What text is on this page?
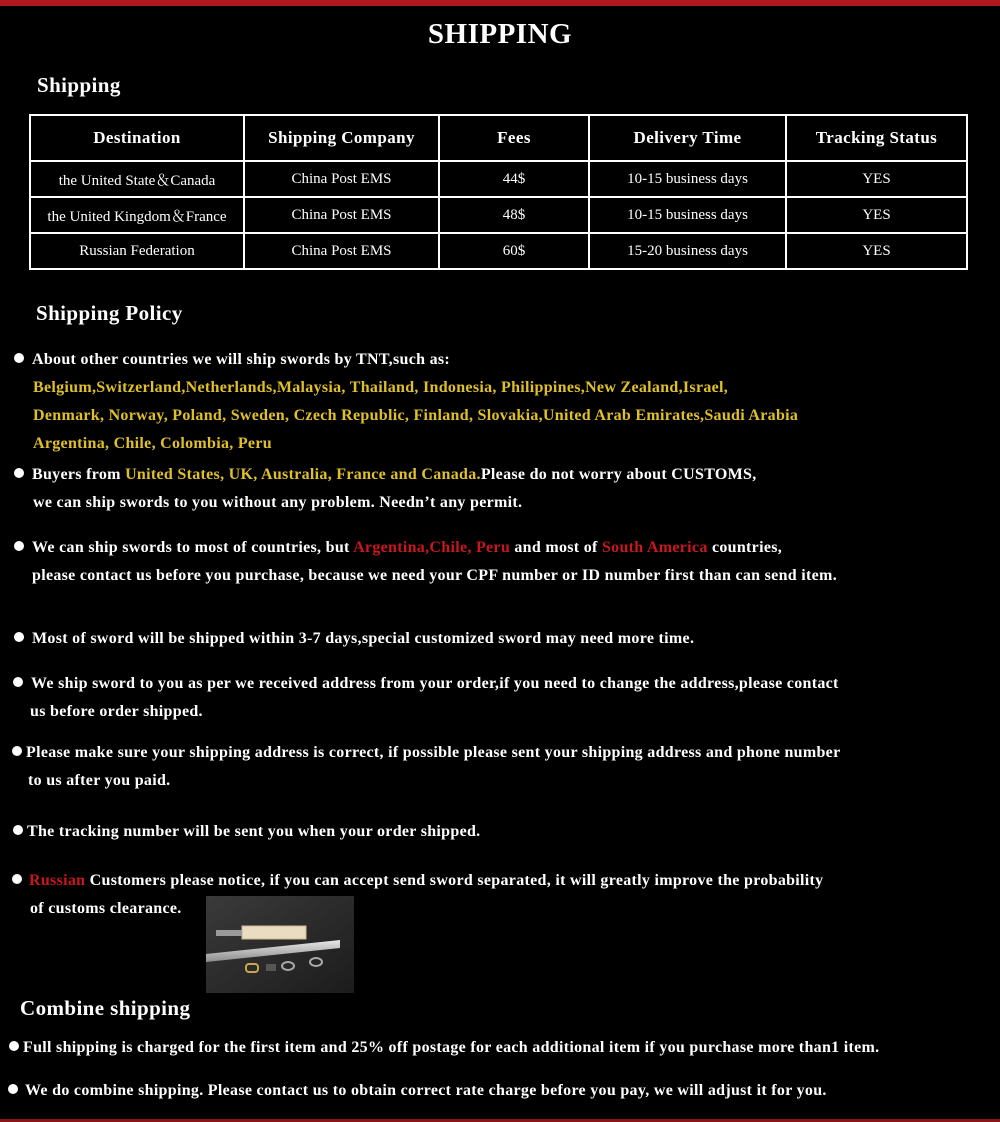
SHIPPING
Shipping
Destination	Shipping Company	Fees	Delivery Time	Tracking Status
the United State＆Canada	China Post EMS	44$	10-15 business days	YES
the United Kingdom＆France	China Post EMS	48$	10-15 business days	YES
Russian Federation	China Post EMS	60$	15-20 business days	YES
Shipping Policy
About other countries we will ship swords by TNT,such as:
Belgium,Switzerland,Netherlands,Malaysia, Thailand, Indonesia, Philippines,New Zealand,Israel,
Denmark, Norway, Poland, Sweden, Czech Republic, Finland, Slovakia,United Arab Emirates,Saudi Arabia
Argentina, Chile, Colombia, Peru
Buyers from United States, UK, Australia, France and Canada.Please do not worry about CUSTOMS,
we can ship swords to you without any problem. Needn’t any permit.
We can ship swords to most of countries, but Argentina,Chile, Peru and most of South America countries,
please contact us before you purchase, because we need your CPF number or ID number first than can send item.
Most of sword will be shipped within 3-7 days,special customized sword may need more time.
We ship sword to you as per we received address from your order,if you need to change the address,please contact
us before order shipped.
Please make sure your shipping address is correct, if possible please sent your shipping address and phone number
to us after you paid.
The tracking number will be sent you when your order shipped.
Russian Customers please notice, if you can accept send sword separated, it will greatly improve the probability
of customs clearance.
Combine shipping
Full shipping is charged for the first item and 25% off postage for each additional item if you purchase more than1 item.
We do combine shipping. Please contact us to obtain correct rate charge before you pay, we will adjust it for you.
